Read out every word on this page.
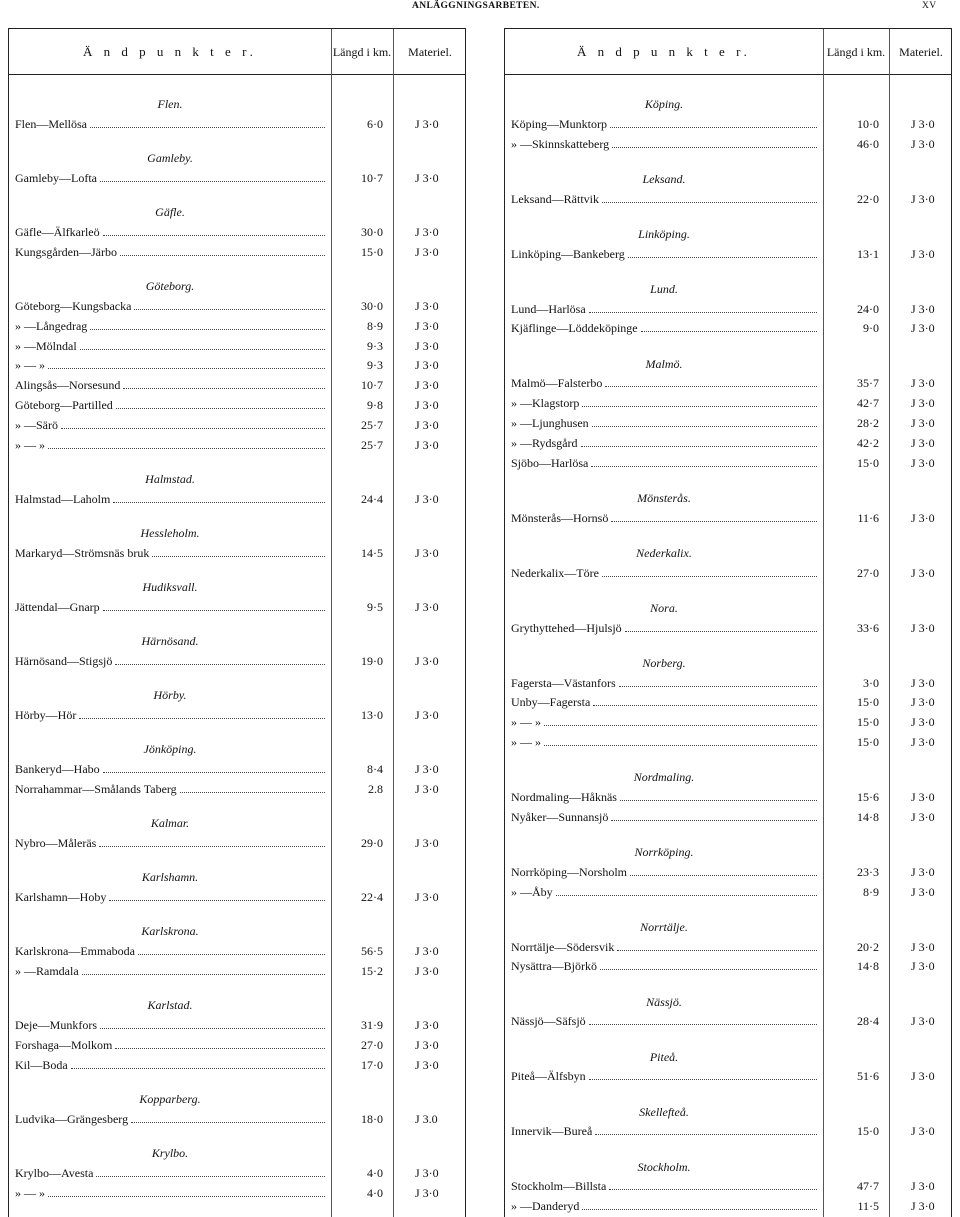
ANLÄGGNINGSARBETEN.	XV
Ä n d p u n k t e r.	Längd i km.	Materiel.
Flen.
Flen—Mellösa	6·0	J 3·0
Gamleby.
Gamleby—Lofta	10·7	J 3·0
Gäfle.
Gäfle—Älfkarleö	30·0	J 3·0
Kungsgården—Järbo	15·0	J 3·0
Göteborg.
Göteborg—Kungsbacka	30·0	J 3·0
» —Långedrag	8·9	J 3·0
» —Mölndal	9·3	J 3·0
» — »	9·3	J 3·0
Alingsås—Norsesund	10·7	J 3·0
Göteborg—Partilled	9·8	J 3·0
» —Särö	25·7	J 3·0
» — »	25·7	J 3·0
Halmstad.
Halmstad—Laholm	24·4	J 3·0
Hessleholm.
Markaryd—Strömsnäs bruk	14·5	J 3·0
Hudiksvall.
Jättendal—Gnarp	9·5	J 3·0
Härnösand.
Härnösand—Stigsjö	19·0	J 3·0
Hörby.
Hörby—Hör	13·0	J 3·0
Jönköping.
Bankeryd—Habo	8·4	J 3·0
Norrahammar—Smålands Taberg	2.8	J 3·0
Kalmar.
Nybro—Måleräs	29·0	J 3·0
Karlshamn.
Karlshamn—Hoby	22·4	J 3·0
Karlskrona.
Karlskrona—Emmaboda	56·5	J 3·0
» —Ramdala	15·2	J 3·0
Karlstad.
Deje—Munkfors	31·9	J 3·0
Forshaga—Molkom	27·0	J 3·0
Kil—Boda	17·0	J 3·0
Kopparberg.
Ludvika—Grängesberg	18·0	J 3.0
Krylbo.
Krylbo—Avesta	4·0	J 3·0
» — »	4·0	J 3·0
Ä n d p u n k t e r.	Längd i km.	Materiel.
Köping.
Köping—Munktorp	10·0	J 3·0
» —Skinnskatteberg	46·0	J 3·0
Leksand.
Leksand—Rättvik	22·0	J 3·0
Linköping.
Linköping—Bankeberg	13·1	J 3·0
Lund.
Lund—Harlösa	24·0	J 3·0
Kjäflinge—Löddeköpinge	9·0	J 3·0
Malmö.
Malmö—Falsterbo	35·7	J 3·0
» —Klagstorp	42·7	J 3·0
» —Ljunghusen	28·2	J 3·0
» —Rydsgård	42·2	J 3·0
Sjöbo—Harlösa	15·0	J 3·0
Mönsterås.
Mönsterås—Hornsö	11·6	J 3·0
Nederkalix.
Nederkalix—Töre	27·0	J 3·0
Nora.
Grythyttehed—Hjulsjö	33·6	J 3·0
Norberg.
Fagersta—Västanfors	3·0	J 3·0
Unby—Fagersta	15·0	J 3·0
» — »	15·0	J 3·0
» — »	15·0	J 3·0
Nordmaling.
Nordmaling—Håknäs	15·6	J 3·0
Nyåker—Sunnansjö	14·8	J 3·0
Norrköping.
Norrköping—Norsholm	23·3	J 3·0
» —Åby	8·9	J 3·0
Norrtälje.
Norrtälje—Södersvik	20·2	J 3·0
Nysättra—Björkö	14·8	J 3·0
Nässjö.
Nässjö—Säfsjö	28·4	J 3·0
Piteå.
Piteå—Älfsbyn	51·6	J 3·0
Skellefteå.
Innervik—Bureå	15·0	J 3·0
Stockholm.
Stockholm—Billsta	47·7	J 3·0
» —Danderyd	11·5	J 3·0
